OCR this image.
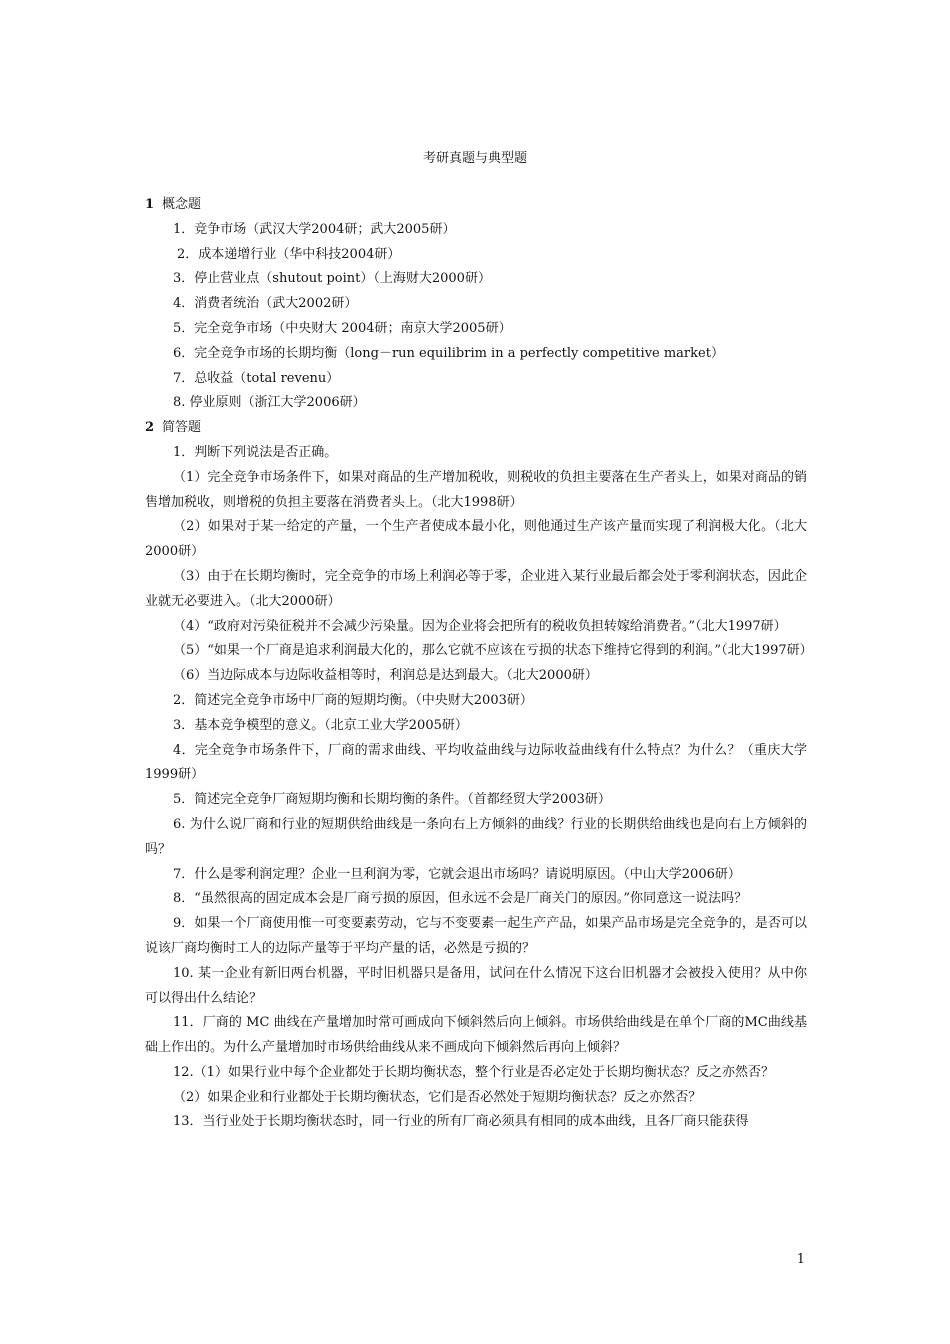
考研真题与典型题
1 概念题
1．竞争市场（武汉大学2004研；武大2005研）
2．成本递增行业（华中科技2004研）
3．停止营业点（shutout point）（上海财大2000研）
4．消费者统治（武大2002研）
5．完全竞争市场（中央财大 2004研；南京大学2005研）
6．完全竞争市场的长期均衡（long－run equilibrim in a perfectly competitive market）
7．总收益（total revenu）
8. 停业原则（浙江大学2006研）
2 简答题
1．判断下列说法是否正确。
（1）完全竞争市场条件下，如果对商品的生产增加税收，则税收的负担主要落在生产者头上，如果对商品的销售增加税收，则增税的负担主要落在消费者头上。（北大1998研）
（2）如果对于某一给定的产量，一个生产者使成本最小化，则他通过生产该产量而实现了利润极大化。（北大2000研）
（3）由于在长期均衡时，完全竞争的市场上利润必等于零，企业进入某行业最后都会处于零利润状态，因此企业就无必要进入。（北大2000研）
（4）“政府对污染征税并不会减少污染量。因为企业将会把所有的税收负担转嫁给消费者。”（北大1997研）
（5）“如果一个厂商是追求利润最大化的，那么它就不应该在亏损的状态下维持它得到的利润。”（北大1997研）
（6）当边际成本与边际收益相等时，利润总是达到最大。（北大2000研）
2．简述完全竞争市场中厂商的短期均衡。（中央财大2003研）
3．基本竞争模型的意义。（北京工业大学2005研）
4．完全竞争市场条件下，厂商的需求曲线、平均收益曲线与边际收益曲线有什么特点？为什么？（重庆大学1999研）
5．简述完全竞争厂商短期均衡和长期均衡的条件。（首都经贸大学2003研）
6. 为什么说厂商和行业的短期供给曲线是一条向右上方倾斜的曲线？行业的长期供给曲线也是向右上方倾斜的吗？
7．什么是零利润定理？企业一旦利润为零，它就会退出市场吗？请说明原因。（中山大学2006研）
8．“虽然很高的固定成本会是厂商亏损的原因，但永远不会是厂商关门的原因。”你同意这一说法吗？
9．如果一个厂商使用惟一可变要素劳动，它与不变要素一起生产产品，如果产品市场是完全竞争的，是否可以说该厂商均衡时工人的边际产量等于平均产量的话，必然是亏损的？
10. 某一企业有新旧两台机器，平时旧机器只是备用，试问在什么情况下这台旧机器才会被投入使用？从中你可以得出什么结论？
11．厂商的 MC 曲线在产量增加时常可画成向下倾斜然后向上倾斜。市场供给曲线是在单个厂商的MC曲线基础上作出的。为什么产量增加时市场供给曲线从来不画成向下倾斜然后再向上倾斜？
12.（1）如果行业中每个企业都处于长期均衡状态，整个行业是否必定处于长期均衡状态？反之亦然否？
（2）如果企业和行业都处于长期均衡状态，它们是否必然处于短期均衡状态？反之亦然否？
13．当行业处于长期均衡状态时，同一行业的所有厂商必须具有相同的成本曲线，且各厂商只能获得
1
